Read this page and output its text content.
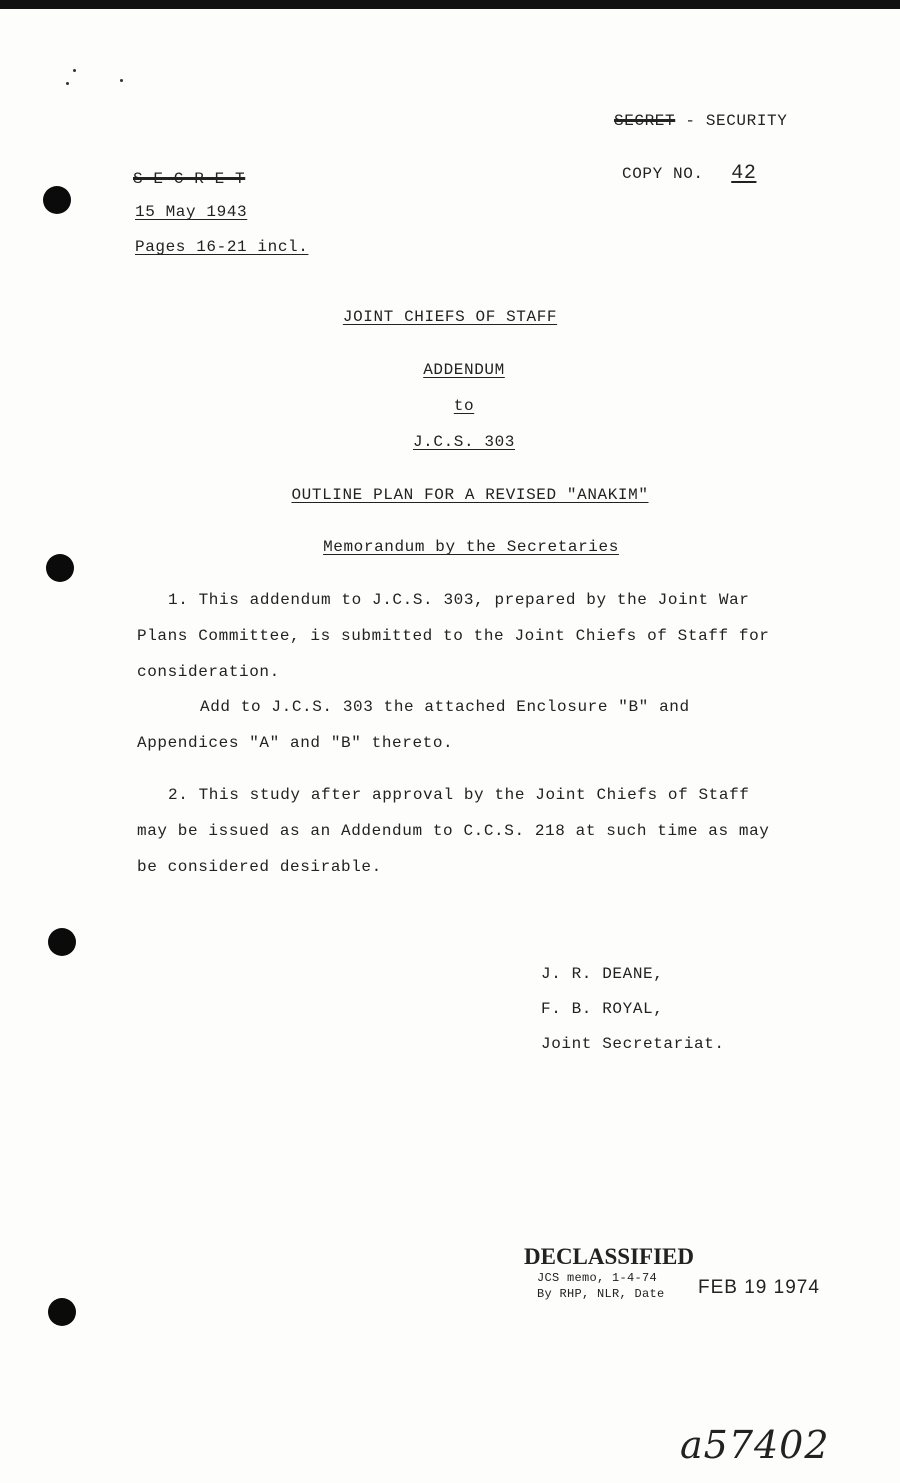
SECRET - SECURITY
COPY NO. 42
S-E-C-R-E-T
15 May 1943
Pages 16-21 incl.
JOINT CHIEFS OF STAFF
ADDENDUM
to
J.C.S. 303
OUTLINE PLAN FOR A REVISED "ANAKIM"
Memorandum by the Secretaries
1. This addendum to J.C.S. 303, prepared by the Joint War
Plans Committee, is submitted to the Joint Chiefs of Staff for
consideration.
Add to J.C.S. 303 the attached Enclosure "B" and
Appendices "A" and "B" thereto.
2. This study after approval by the Joint Chiefs of Staff
may be issued as an Addendum to C.C.S. 218 at such time as may
be considered desirable.
J. R. DEANE,
F. B. ROYAL,
Joint Secretariat.
DECLASSIFIED
JCS memo, 1-4-74
By RHP, NLR, Date FEB 19 1974
a57402
